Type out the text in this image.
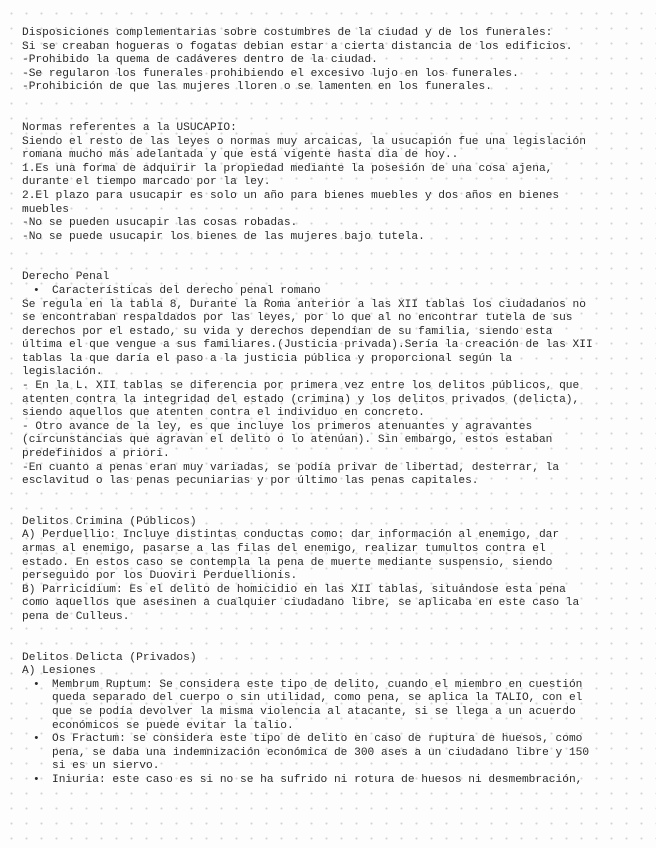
Disposiciones complementarias sobre costumbres de la ciudad y de los funerales:

Si se creaban hogueras o fogatas debian estar a cierta distancia de los edificios.

-Prohibido la quema de cadáveres dentro de la ciudad.

-Se regularon los funerales prohibiendo el excesivo lujo en los funerales.

-Prohibición de que las mujeres lloren o se lamenten en los funerales.

Normas referentes a la USUCAPIO:

Siendo el resto de las leyes o normas muy arcaicas, la usucapión fue una legislación

romana mucho más adelantada y que está vigente hasta día de hoy..

1.Es una forma de adquirir la propiedad mediante la posesión de una cosa ajena,

durante el tiempo marcado por la ley.

2.El plazo para usucapir es solo un año para bienes muebles y dos años en bienes

muebles

-No se pueden usucapir las cosas robadas.

-No se puede usucapir los bienes de las mujeres bajo tutela.

Derecho Penal

• Características del derecho penal romano

Se regula en la tabla 8, Durante la Roma anterior a las XII tablas los ciudadanos no

se encontraban respaldados por las leyes, por lo que al no encontrar tutela de sus

derechos por el estado, su vida y derechos dependían de su familia, siendo esta

última el que vengue a sus familiares.(Justicia privada).Sería la creación de las XII

tablas la que daría el paso a la justicia pública y proporcional según la

legislación.

- En la L. XII tablas se diferencia por primera vez entre los delitos públicos, que

atenten contra la integridad del estado (crimina) y los delitos privados (delicta),

siendo aquellos que atenten contra el individuo en concreto.

- Otro avance de la ley, es que incluye los primeros atenuantes y agravantes

(circunstancias que agravan el delito o lo atenúan). Sin embargo, estos estaban

predefinidos a priori.

-En cuanto a penas eran muy variadas, se podía privar de libertad, desterrar, la

esclavitud o las penas pecuniarias y por último las penas capitales.

Delitos Crimina (Públicos)

A) Perduellio: Incluye distintas conductas como: dar información al enemigo, dar

armas al enemigo, pasarse a las filas del enemigo, realizar tumultos contra el

estado. En estos caso se contempla la pena de muerte mediante suspensio, siendo

perseguido por los Duoviri Perduellionis.

B) Parricidium: Es el delito de homicidio en las XII tablas, situándose esta pena

como aquellos que asesinen a cualquier ciudadano libre, se aplicaba en este caso la

pena de Culleus.

Delitos Delicta (Privados)

A) Lesiones

• Membrum Ruptum: Se considera este tipo de delito, cuando el miembro en cuestión

queda separado del cuerpo o sin utilidad, como pena, se aplica la TALIO, con el

que se podía devolver la misma violencia al atacante, si se llega a un acuerdo

económicos se puede evitar la talio.

• Os Fractum: se considera este tipo de delito en caso de ruptura de huesos, como

pena, se daba una indemnización económica de 300 ases a un ciudadano libre y 150

si es un siervo.

• Iniuria: este caso es si no se ha sufrido ni rotura de huesos ni desmembración,
